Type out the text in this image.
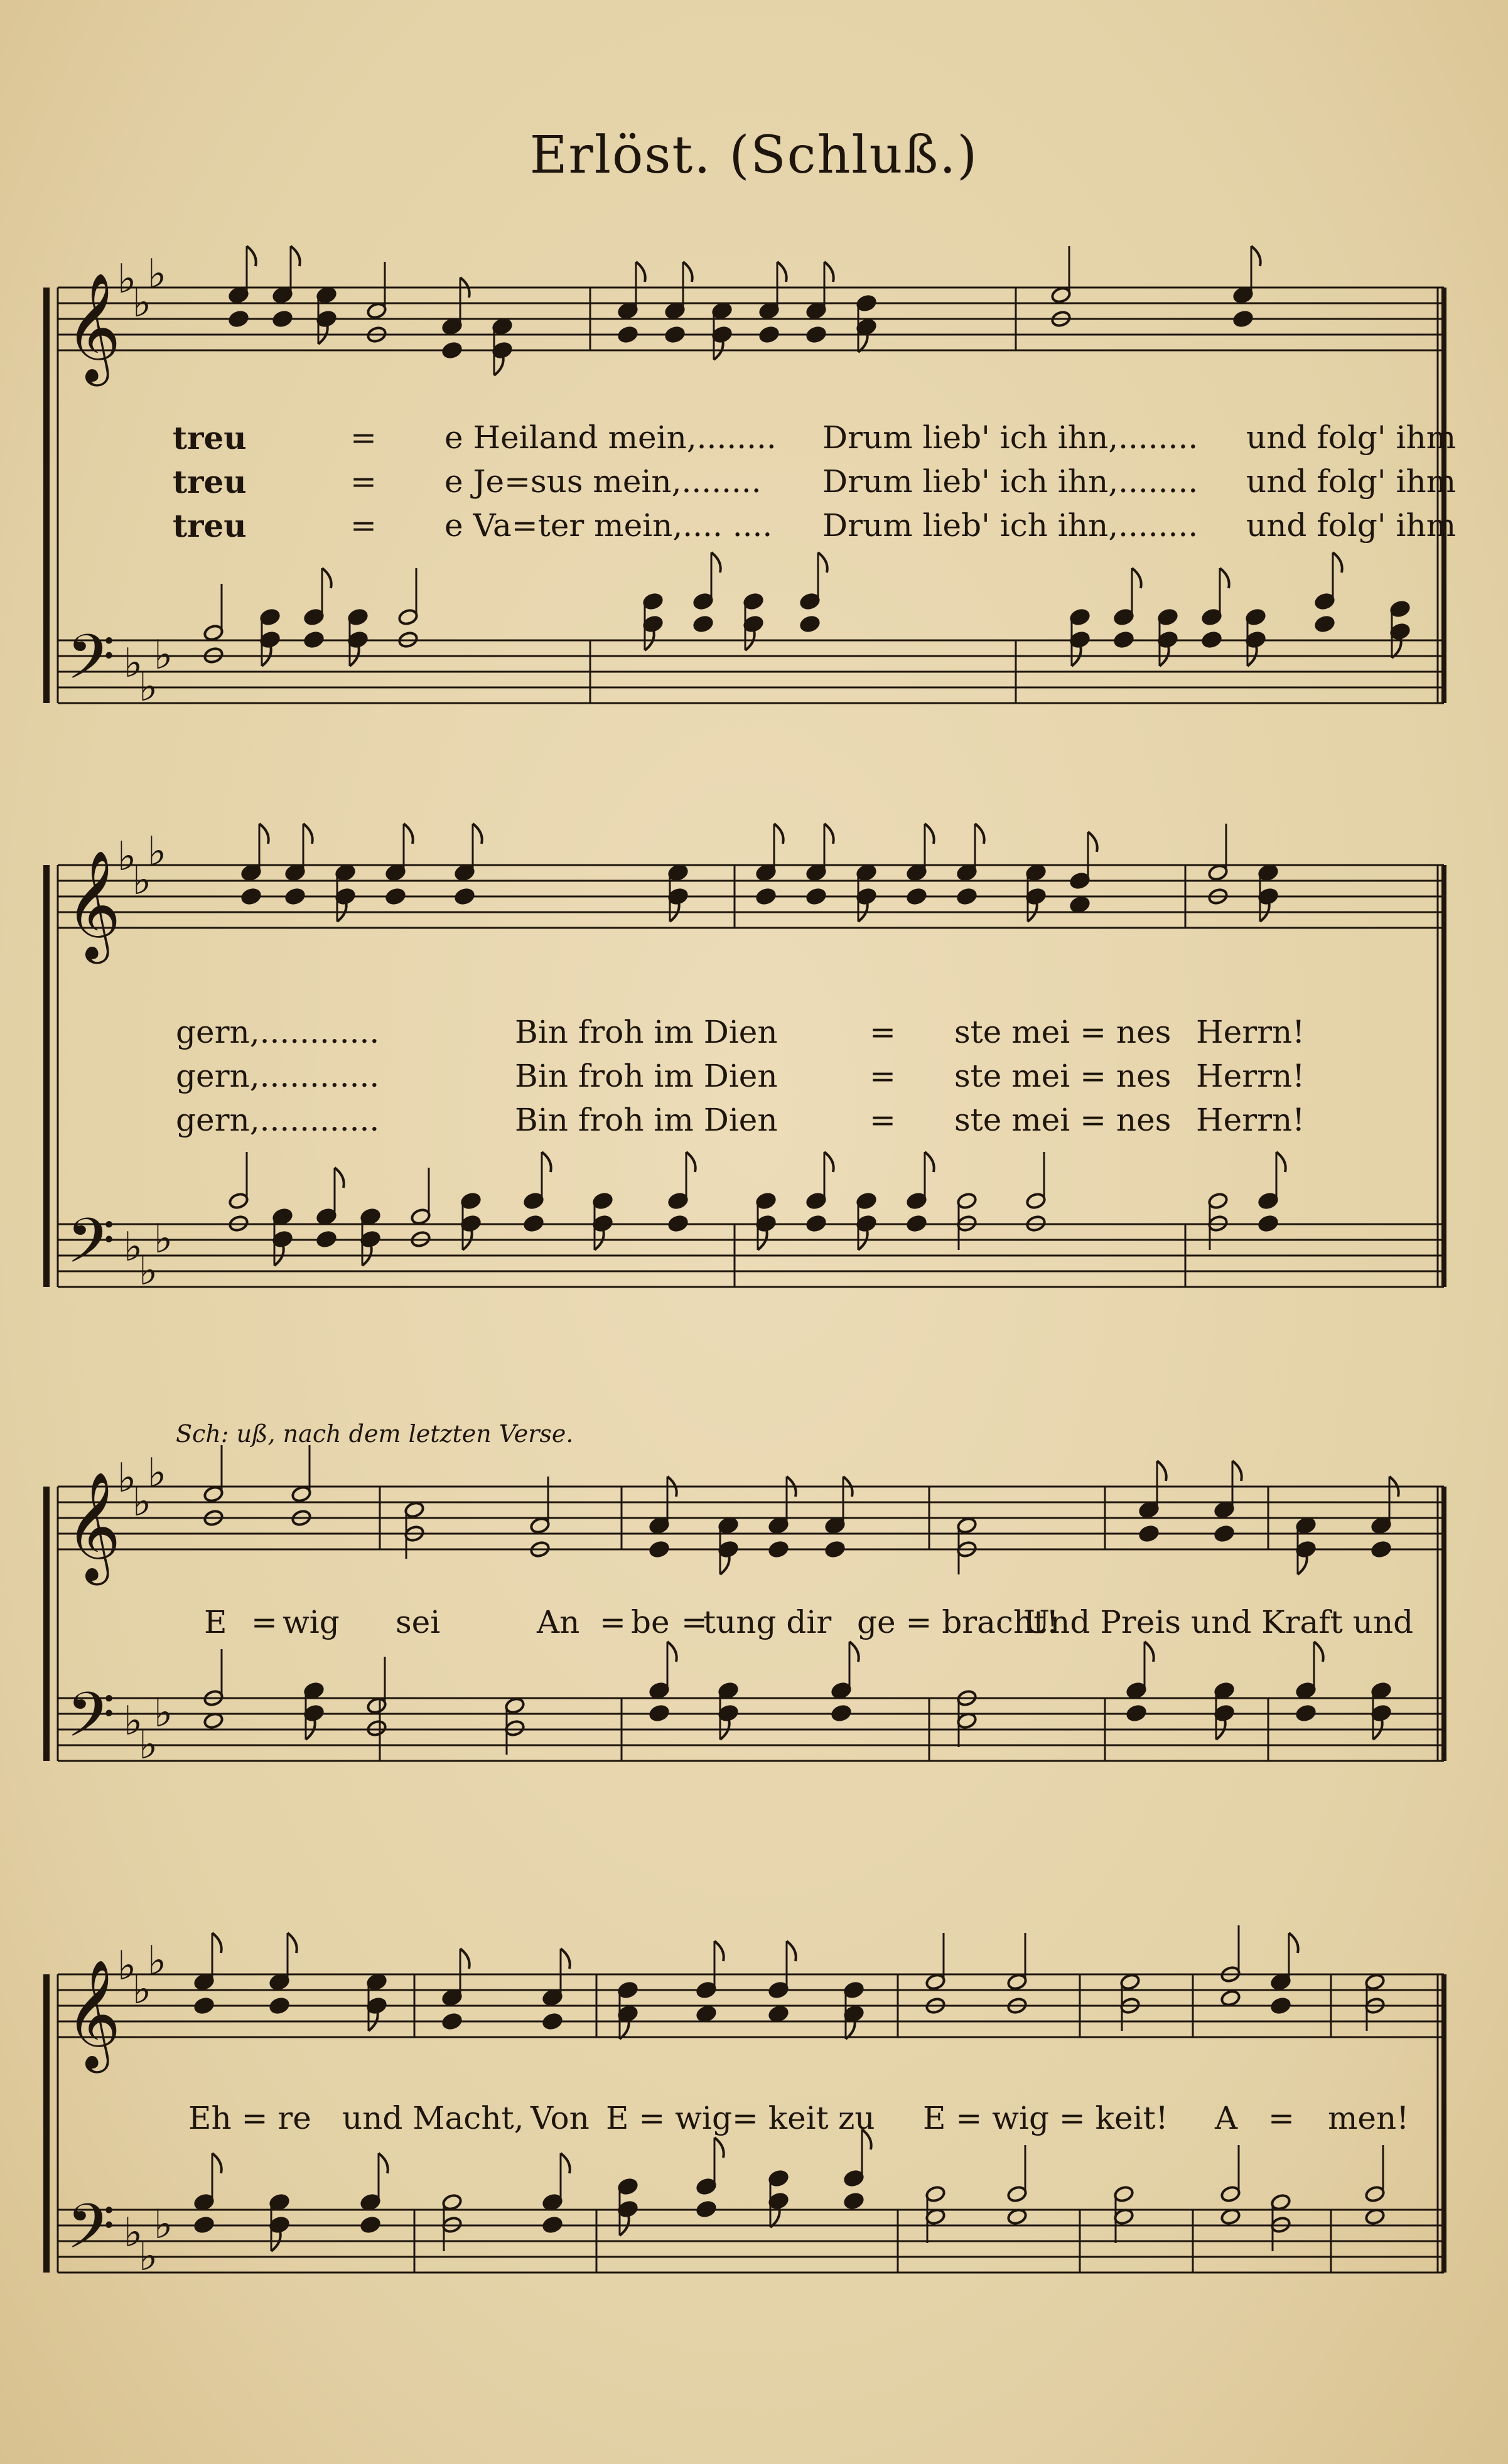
Erlöst. (Schluß.)
𝄞
𝄢
♭
♭
♭
♭
♭
♭
𝄞
𝄢
♭
♭
♭
♭
♭
♭
𝄞
𝄢
♭
♭
♭
♭
♭
♭
𝄞
𝄢
♭
♭
♭
♭
♭
♭
treu	= e Heiland mein,........ Drum lieb' ich ihn,........ und folg' ihm
treu	= e Je=sus mein,........ Drum lieb' ich ihn,........ und folg' ihm
treu	= e Va=ter mein,.... .... Drum lieb' ich ihn,........ und folg' ihm
gern,............	Bin froh im Dien	= ste mei = nes Herrn!
gern,............	Bin froh im Dien	= ste mei = nes Herrn!
gern,............	Bin froh im Dien	= ste mei = nes Herrn!
Sch: uß, nach dem letzten Verse.
E = wig sei	An = be =
tung dir ge = bracht!
Und Preis und Kraft und
Eh = re und Macht, Von E = wig= keit zu E = wig = keit! A = men!
